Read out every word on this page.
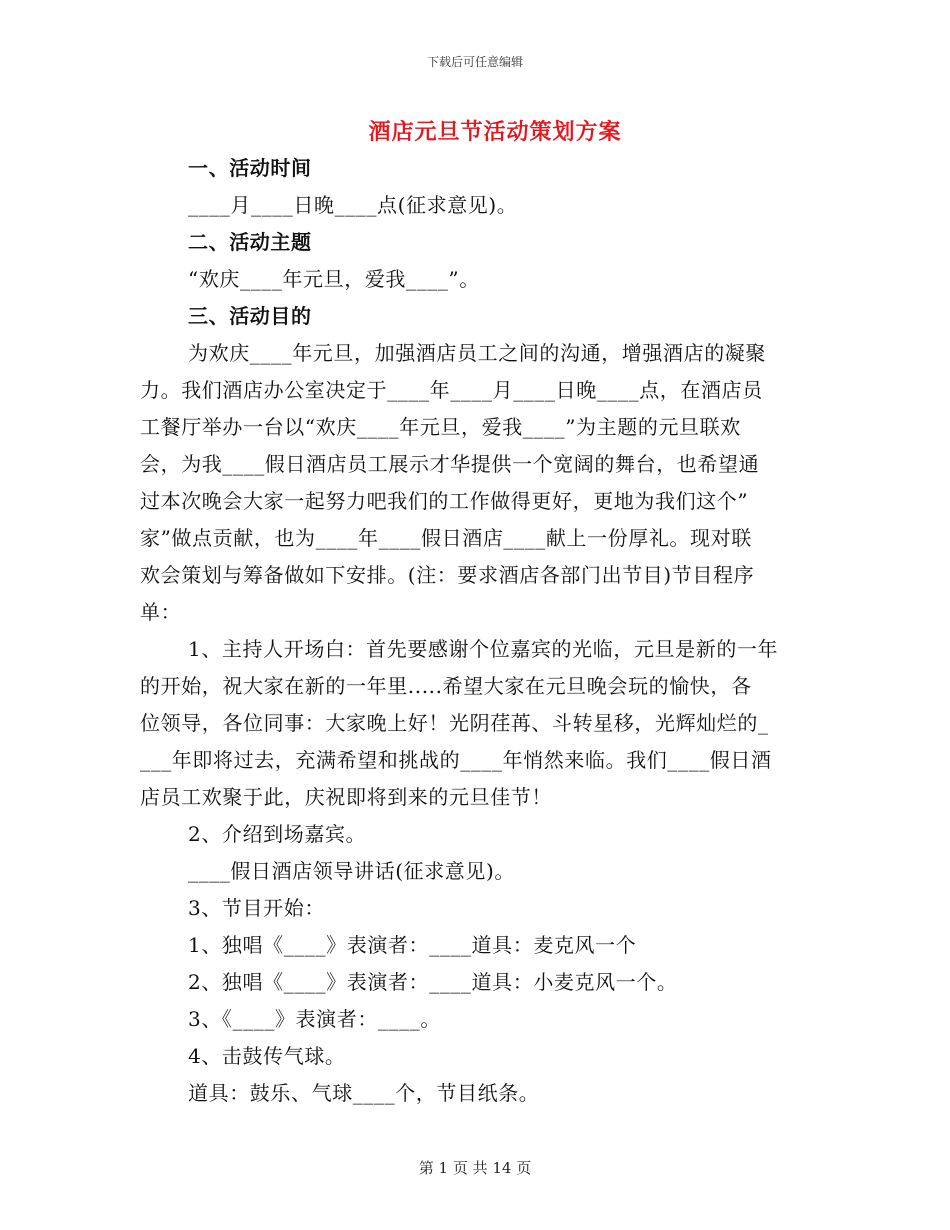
下载后可任意编辑
酒店元旦节活动策划方案
一、活动时间
____月____日晚____点(征求意见)。
二、活动主题
“欢庆____年元旦，爱我____”。
三、活动目的
为欢庆____年元旦，加强酒店员工之间的沟通，增强酒店的凝聚
力。我们酒店办公室决定于____年____月____日晚____点，在酒店员
工餐厅举办一台以“欢庆____年元旦，爱我____”为主题的元旦联欢
会，为我____假日酒店员工展示才华提供一个宽阔的舞台，也希望通
过本次晚会大家一起努力吧我们的工作做得更好，更地为我们这个”
家”做点贡献，也为____年____假日酒店____献上一份厚礼。现对联
欢会策划与筹备做如下安排。(注：要求酒店各部门出节目)节目程序
单：
1、主持人开场白：首先要感谢个位嘉宾的光临，元旦是新的一年
的开始，祝大家在新的一年里.....希望大家在元旦晚会玩的愉快，各
位领导，各位同事：大家晚上好！光阴荏苒、斗转星移，光辉灿烂的_
___年即将过去，充满希望和挑战的____年悄然来临。我们____假日酒
店员工欢聚于此，庆祝即将到来的元旦佳节！
2、介绍到场嘉宾。
____假日酒店领导讲话(征求意见)。
3、节目开始：
1、独唱《____》表演者：____道具：麦克风一个
2、独唱《____》表演者：____道具：小麦克风一个。
3、《____》表演者：____。
4、击鼓传气球。
道具：鼓乐、气球____个，节目纸条。
第 1 页 共 14 页
